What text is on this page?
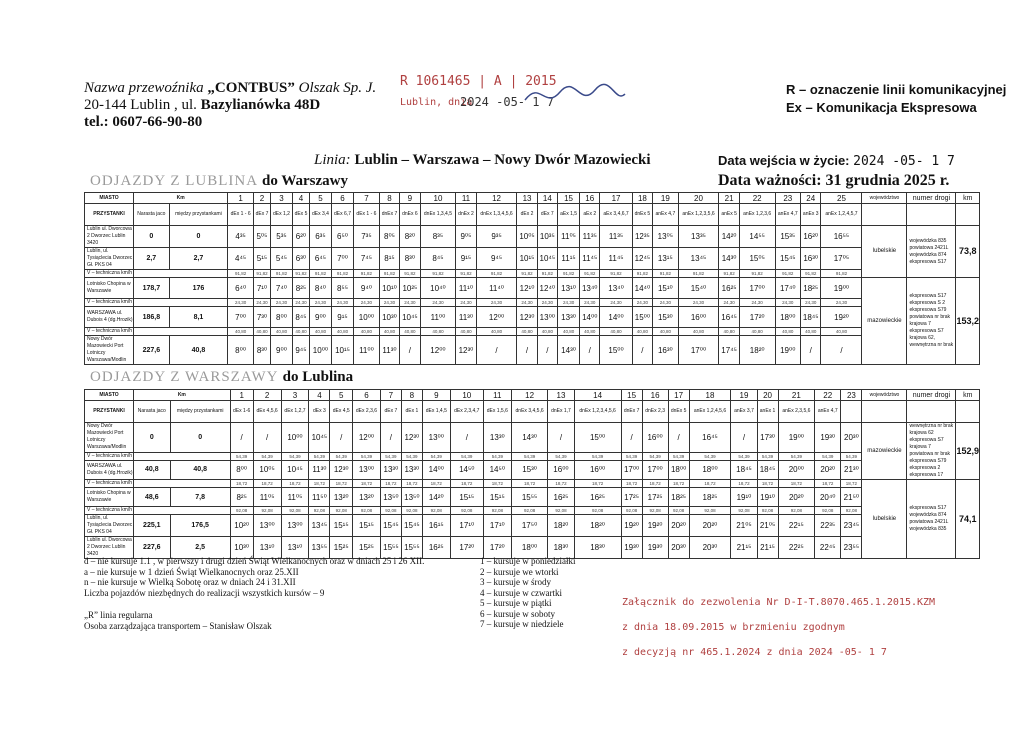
Nazwa przewoźnika „CONTBUS” Olszak Sp. J.
20-144 Lublin , ul. Bazylianówka 48D
tel.: 0607-66-90-80
R 1061465 | A | 2015
Lublin, dnia
2024 -05- 1 7
R – oznaczenie linii komunikacyjnej
Ex – Komunikacja Ekspresowa
Linia: Lublin – Warszawa – Nowy Dwór Mazowiecki	Data wejścia w życie: 2024 -05- 1 7
Data ważności: 31 grudnia 2025 r.
ODJAZDY Z LUBLINA do Warszawy
MIASTO	Km		1	2	3	4	5	6	7	8	9	10	11	12	13	14	15	16	17	18	19	20	21	22	23	24	25	województwo	numer drogi	km
PRZYSTANKI	Narasta jaco	między przystankami	dEx 1 - 6	dEx 7	dEx 1,2	dEx 5	dEx 3,4	dEx 6,7	dEx 1 - 6	dnEx 7	dnEx 6	dnEx 1,3,4,5	dnEx 2	dnEx 1,3,4,5,6	dEx 2	dEx 7	aEx 1,5	aEx 2	aEx 3,4,6,7	dnEx 5	anEx 4,7	anEx 1,2,3,5,6	anEx 5	anEx 1,2,3,6	anEx 4,7	anEx 3	anEx 1,2,4,5,7			
Lublin ul. Dworcowa 2 Dworzec Lublin 3420	0	0	4³⁵	5⁰⁵	5³⁵	6²⁰	6³⁵	6⁵⁰	7³⁵	8⁰⁵	8²⁰	8³⁵	9⁰⁵	9³⁵	10⁰⁵	10³⁵	11⁰⁵	11³⁵	11³⁵	12³⁵	13⁰⁵	13³⁵	14²⁰	14⁵⁵	15³⁵	16²⁰	16⁵⁵	lubelskie	wojewódzka 835 powiatowa 2421L wojewódzka 874 ekspresowa S17	73,8
Lublin, ul. Tysiąclecia Dworzec Gł. PKS 04	2,7	2,7	4⁴⁵	5¹⁵	5⁴⁵	6³⁰	6⁴⁵	7⁰⁰	7⁴⁵	8¹⁵	8³⁰	8⁴⁵	9¹⁵	9⁴⁵	10¹⁵	10⁴⁵	11¹⁵	11⁴⁵	11⁴⁵	12⁴⁵	13¹⁵	13⁴⁵	14³⁰	15⁰⁵	15⁴⁵	16³⁰	17⁰⁵			
V – techniczna km/h			91,82	91,82	91,82	91,82	91,82	91,82	91,82	91,82	91,82	91,82	91,82	91,82	91,82	91,82	91,82	91,82	91,82	91,82	91,82	91,82	91,82	91,82	91,82	91,82	91,82			
Lotnisko Chopina w Warszawie	178,7	176	6⁴⁰	7¹⁰	7⁴⁰	8²⁵	8⁴⁰	8⁵⁵	9⁴⁰	10¹⁰	10²⁵	10⁴⁰	11¹⁰	11⁴⁰	12¹⁰	12⁴⁰	13¹⁰	13⁴⁰	13⁴⁰	14⁴⁰	15¹⁰	15⁴⁰	16²⁵	17⁰⁰	17⁴⁰	18²⁵	19⁰⁰	mazowieckie	ekspresowa S17 ekspresowa S 2 ekspresowa S79 powiatowa nr brak krajowa 7 ekspresowa S7 krajowa 62, wewnętrzna nr brak	153,2
V – techniczna km/h			24,30	24,30	24,30	24,30	24,30	24,30	24,30	24,30	24,30	24,30	24,30	24,30	24,30	24,30	24,30	24,30	24,30	24,30	24,30	24,30	24,30	24,30	24,30	24,30	24,30			
WARSZAWA ul. Dubois 4 (dg.Hrozik)	186,8	8,1	7⁰⁰	7³⁰	8⁰⁰	8⁴⁵	9⁰⁰	9¹⁵	10⁰⁰	10³⁰	10⁴⁵	11⁰⁰	11³⁰	12⁰⁰	12³⁰	13⁰⁰	13³⁰	14⁰⁰	14⁰⁰	15⁰⁰	15³⁰	16⁰⁰	16⁴⁵	17²⁰	18⁰⁰	18⁴⁵	19²⁰			
V – techniczna km/h			40,80	40,80	40,80	40,80	40,80	40,80	40,80	40,80	40,80	40,80	40,80	40,80	40,80	40,80	40,80	40,80	40,80	40,80	40,80	40,80	40,80	40,80	40,80	40,80	40,80			
Nowy Dwór Mazowiecki Port Lotniczy Warszawa/Modlin	227,6	40,8	8⁰⁰	8³⁰	9⁰⁰	9⁴⁵	10⁰⁰	10¹⁵	11⁰⁰	11³⁰	/	12⁰⁰	12³⁰	/	/	/	14³⁰	/	15⁰⁰	/	16³⁰	17⁰⁰	17⁴⁵	18²⁰	19⁰⁰	/	/			
ODJAZDY Z WARSZAWY do Lublina
MIASTO	Km		1	2	3	4	5	6	7	8	9	10	11	12	13	14	15	16	17	18	19	20	21	22	23	województwo	numer drogi	km
PRZYSTANKI	Narasta jaco	między przystankami	dEx 1-6	dEx 4,5,6	dEx 1,2,7	dEx 3	dEx 4,5	dEx 2,3,6	dEx 7	dEx 1	dEx 1,4,5	dEx 2,3,4,7	dEx 1,5,6	dnEx 3,4,5,6	dnEx 1,7	dnEx 1,2,3,4,5,6	dnEx 7	dnEx 2,3	dnEx 5	anEx 1,2,4,5,6	anEx 3,7	anEx 1	anEx 2,3,5,6	anEx 4,7				
Nowy Dwór Mazowiecki Port Lotniczy Warszawa/Modlin	0	0	/	/	10⁰⁰	10⁴⁵	/	12⁰⁰	/	12³⁰	13⁰⁰	/	13³⁰	14³⁰	/	15⁰⁰	/	16⁰⁰	/	16⁴⁵	/	17³⁰	19⁰⁰	19³⁰	20³⁰	mazowieckie	wewnętrzna nr brak krajowa 62 ekspresowa S7 krajowa 7 powiatowa nr brak ekspresowa S79 ekspresowa 2 ekspresowa 17	152,9
V – techniczna km/h			54,39	54,39	54,39	54,39	54,39	54,39	54,39	54,39	54,39	54,39	54,39	54,39	54,39	54,39	54,39	54,39	54,39	54,39	54,39	54,39	54,39	54,39	54,39			
WARSZAWA ul. Dubois 4 (dg.Hrozik)	40,8	40,8	8⁰⁰	10⁰⁵	10⁴⁵	11³⁰	12³⁰	13⁰⁰	13³⁰	13³⁰	14⁰⁰	14⁵⁰	14⁵⁰	15³⁰	16⁰⁰	16⁰⁰	17⁰⁰	17⁰⁰	18⁰⁰	18⁰⁰	18⁴⁵	18⁴⁵	20⁰⁰	20²⁰	21³⁰			
V – techniczna km/h			18,72	18,72	18,72	18,72	18,72	18,72	18,72	18,72	18,72	18,72	18,72	18,72	18,72	18,72	18,72	18,72	18,72	18,72	18,72	18,72	18,72	18,72	18,72	lubelskie	ekspresowa S17 wojewódzka 874 powiatowa 2421L wojewódzka 835	74,1
Lotnisko Chopina w Warszawie	48,6	7,8	8²⁵	11⁰⁵	11⁰⁵	11⁵⁰	13²⁰	13²⁰	13⁵⁰	13⁵⁰	14²⁰	15¹⁵	15¹⁵	15⁵⁵	16²⁵	16²⁵	17²⁵	17²⁵	18²⁵	18²⁵	19¹⁰	19¹⁰	20²⁰	20⁴⁰	21⁵⁰			
V – techniczna km/h			92,08	92,08	92,08	92,08	92,08	92,08	92,08	92,08	92,08	92,08	92,08	92,08	92,08	92,08	92,08	92,08	92,08	92,08	92,08	92,08	92,08	92,08	92,08			
Lublin, ul. Tysiąclecia Dworzec Gł. PKS 04	225,1	176,5	10²⁰	13⁰⁰	13⁰⁰	13⁴⁵	15¹⁵	15¹⁵	15⁴⁵	15⁴⁵	16¹⁵	17¹⁰	17¹⁰	17⁵⁰	18²⁰	18²⁰	19²⁰	19²⁰	20²⁰	20²⁰	21⁰⁵	21⁰⁵	22¹⁵	22³⁵	23⁴⁵			
Lublin ul. Dworcowa 2 Dworzec Lublin 3420	227,6	2,5	10³⁰	13¹⁰	13¹⁰	13⁵⁵	15²⁵	15²⁵	15⁵⁵	15⁵⁵	16²⁵	17²⁰	17²⁰	18⁰⁰	18³⁰	18³⁰	19³⁰	19³⁰	20³⁰	20³⁰	21¹⁵	21¹⁵	22²⁵	22⁴⁵	23⁵⁵			
d – nie kursuje 1.1 , w pierwszy i drugi dzień Świąt Wielkanocnych oraz w dniach 25 i 26 XII.
a – nie kursuje w 1 dzień Świąt Wielkanocnych oraz 25.XII
n – nie kursuje w Wielką Sobotę oraz w dniach 24 i 31.XII
Liczba pojazdów niezbędnych do realizacji wszystkich kursów – 9
„R” linia regularna
Osoba zarządzająca transportem – Stanisław Olszak
1 – kursuje w poniedziałki
2 – kursuje we wtorki
3 – kursuje w środy
4 – kursuje w czwartki
5 – kursuje w piątki
6 – kursuje w soboty
7 – kursuje w niedziele
Załącznik do zezwolenia Nr D-I-T.8070.465.1.2015.KZM
z dnia 18.09.2015 w brzmieniu zgodnym
z decyzją nr 465.1.2024 z dnia 2024 -05- 1 7
